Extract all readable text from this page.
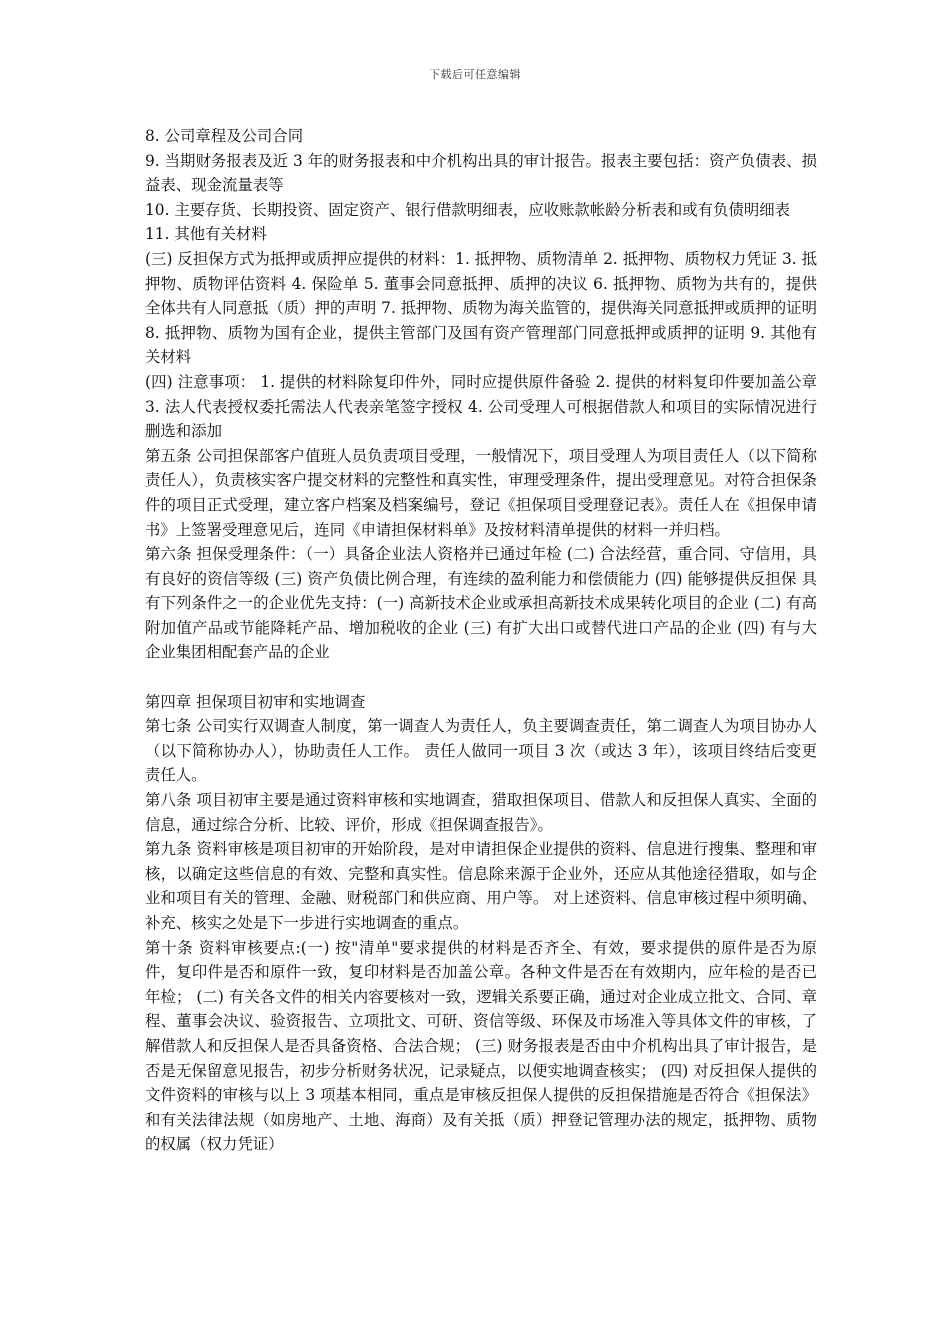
下载后可任意编辑

8. 公司章程及公司合同

9. 当期财务报表及近 3 年的财务报表和中介机构出具的审计报告。报表主要包括：资产负债表、损益表、现金流量表等

10. 主要存货、长期投资、固定资产、银行借款明细表，应收账款帐龄分析表和或有负债明细表

11. 其他有关材料

(三) 反担保方式为抵押或质押应提供的材料：1. 抵押物、质物清单 2. 抵押物、质物权力凭证 3. 抵押物、质物评估资料 4. 保险单 5. 董事会同意抵押、质押的决议 6. 抵押物、质物为共有的，提供全体共有人同意抵（质）押的声明 7. 抵押物、质物为海关监管的，提供海关同意抵押或质押的证明 8. 抵押物、质物为国有企业，提供主管部门及国有资产管理部门同意抵押或质押的证明 9. 其他有关材料

(四) 注意事项： 1. 提供的材料除复印件外，同时应提供原件备验 2. 提供的材料复印件要加盖公章 3. 法人代表授权委托需法人代表亲笔签字授权 4. 公司受理人可根据借款人和项目的实际情况进行删选和添加

第五条 公司担保部客户值班人员负责项目受理，一般情况下，项目受理人为项目责任人（以下简称责任人），负责核实客户提交材料的完整性和真实性，审理受理条件，提出受理意见。对符合担保条件的项目正式受理，建立客户档案及档案编号，登记《担保项目受理登记表》。责任人在《担保申请书》上签署受理意见后，连同《申请担保材料单》及按材料清单提供的材料一并归档。

第六条 担保受理条件：（一）具备企业法人资格并已通过年检 (二) 合法经营，重合同、守信用，具有良好的资信等级 (三) 资产负债比例合理，有连续的盈利能力和偿债能力 (四) 能够提供反担保 具有下列条件之一的企业优先支持：(一) 高新技术企业或承担高新技术成果转化项目的企业 (二) 有高附加值产品或节能降耗产品、增加税收的企业 (三) 有扩大出口或替代进口产品的企业 (四) 有与大企业集团相配套产品的企业

第四章 担保项目初审和实地调查

第七条 公司实行双调查人制度，第一调查人为责任人，负主要调查责任，第二调查人为项目协办人（以下简称协办人），协助责任人工作。 责任人做同一项目 3 次（或达 3 年），该项目终结后变更责任人。

第八条 项目初审主要是通过资料审核和实地调查，猎取担保项目、借款人和反担保人真实、全面的信息，通过综合分析、比较、评价，形成《担保调查报告》。

第九条 资料审核是项目初审的开始阶段，是对申请担保企业提供的资料、信息进行搜集、整理和审核，以确定这些信息的有效、完整和真实性。信息除来源于企业外，还应从其他途径猎取，如与企业和项目有关的管理、金融、财税部门和供应商、用户等。 对上述资料、信息审核过程中须明确、补充、核实之处是下一步进行实地调查的重点。

第十条 资料审核要点:(一) 按"清单"要求提供的材料是否齐全、有效，要求提供的原件是否为原件，复印件是否和原件一致，复印材料是否加盖公章。各种文件是否在有效期内，应年检的是否已年检； (二) 有关各文件的相关内容要核对一致，逻辑关系要正确，通过对企业成立批文、合同、章程、董事会决议、验资报告、立项批文、可研、资信等级、环保及市场准入等具体文件的审核，了解借款人和反担保人是否具备资格、合法合规； (三) 财务报表是否由中介机构出具了审计报告，是否是无保留意见报告，初步分析财务状况，记录疑点，以便实地调查核实； (四) 对反担保人提供的文件资料的审核与以上 3 项基本相同，重点是审核反担保人提供的反担保措施是否符合《担保法》和有关法律法规（如房地产、土地、海商）及有关抵（质）押登记管理办法的规定，抵押物、质物的权属（权力凭证）
